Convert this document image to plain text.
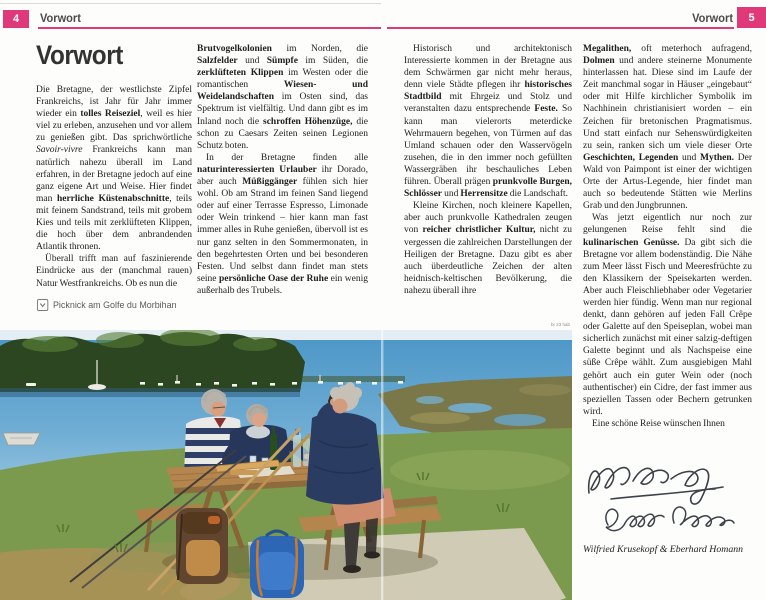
4 Vorwort	Vorwort 5
Vorwort

Die Bretagne, der westlichste Zipfel Frankreichs, ist Jahr für Jahr immer wieder ein tolles Reiseziel, weil es hier viel zu erleben, anzusehen und vor allem zu genießen gibt. Das sprichwörtliche Savoir-vivre Frankreichs kann man natürlich nahezu überall im Land erfahren, in der Bretagne jedoch auf eine ganz eigene Art und Weise. Hier findet man herrliche Küstenabschnitte, teils mit feinem Sandstrand, teils mit grobem Kies und teils mit zerklüfteten Klippen, die hoch über dem anbrandenden Atlantik thronen.

Überall trifft man auf faszinierende Eindrücke aus der (manchmal rauen) Natur Westfrankreichs. Ob es nun die

Brutvogelkolonien im Norden, die Salzfelder und Sümpfe im Süden, die zerklüfteten Klippen im Westen oder die romantischen Wiesen- und Weidelandschaften im Osten sind, das Spektrum ist vielfältig. Und dann gibt es im Inland noch die schroffen Höhenzüge, die schon zu Caesars Zeiten seinen Legionen Schutz boten.

In der Bretagne finden alle naturinteressierten Urlauber ihr Dorado, aber auch Müßiggänger fühlen sich hier wohl. Ob am Strand im feinen Sand liegend oder auf einer Terrasse Espresso, Limonade oder Wein trinkend – hier kann man fast immer alles in Ruhe genießen, übervoll ist es nur ganz selten in den Sommermonaten, in den begehrtesten Orten und bei besonderen Festen. Und selbst dann findet man stets seine persönliche Oase der Ruhe ein wenig außerhalb des Trubels.

Historisch und architektonisch Interessierte kommen in der Bretagne aus dem Schwärmen gar nicht mehr heraus, denn viele Städte pflegen ihr historisches Stadtbild mit Ehrgeiz und Stolz und veranstalten dazu entsprechende Feste. So kann man vielerorts meterdicke Wehrmauern begehen, von Türmen auf das Umland schauen oder den Wasservögeln zusehen, die in den immer noch gefüllten Wassergräben ihr beschauliches Leben führen. Überall prägen prunkvolle Burgen, Schlösser und Herrensitze die Landschaft.

Kleine Kirchen, noch kleinere Kapellen, aber auch prunkvolle Kathedralen zeugen von reicher christlicher Kultur, nicht zu vergessen die zahlreichen Darstellungen der Heiligen der Bretagne. Dazu gibt es aber auch überdeutliche Zeichen der alten heidnisch-keltischen Bevölkerung, die nahezu überall ihre

Megalithen, oft meterhoch aufragend, Dolmen und andere steinerne Monumente hinterlassen hat. Diese sind im Laufe der Zeit manchmal sogar in Häuser „eingebaut“ oder mit Hilfe kirchlicher Symbolik im Nachhinein christianisiert worden – ein Zeichen für bretonischen Pragmatismus. Und statt einfach nur Sehenswürdigkeiten zu sein, ranken sich um viele dieser Orte Geschichten, Legenden und Mythen. Der Wald von Paimpont ist einer der wichtigen Orte der Artus-Legende, hier findet man auch so bedeutende Stätten wie Merlins Grab und den Jungbrunnen.

Was jetzt eigentlich nur noch zur gelungenen Reise fehlt sind die kulinarischen Genüsse. Da gibt sich die Bretagne vor allem bodenständig. Die Nähe zum Meer lässt Fisch und Meeresfrüchte zu den Klassikern der Speisekarten werden. Aber auch Fleischliebhaber oder Vegetarier werden hier fündig. Wenn man nur regional denkt, dann gehören auf jeden Fall Crêpe oder Galette auf den Speiseplan, wobei man sicherlich zunächst mit einer salzig-deftigen Galette beginnt und als Nachspeise eine süße Crêpe wählt. Zum ausgiebigen Mahl gehört auch ein guter Wein oder (noch authentischer) ein Cidre, der fast immer aus speziellen Tassen oder Bechern getrunken wird.

Eine schöne Reise wünschen Ihnen

Picknick am Golfe du Morbihan
br 23 hab
Wilfried Krusekopf & Eberhard Homann
